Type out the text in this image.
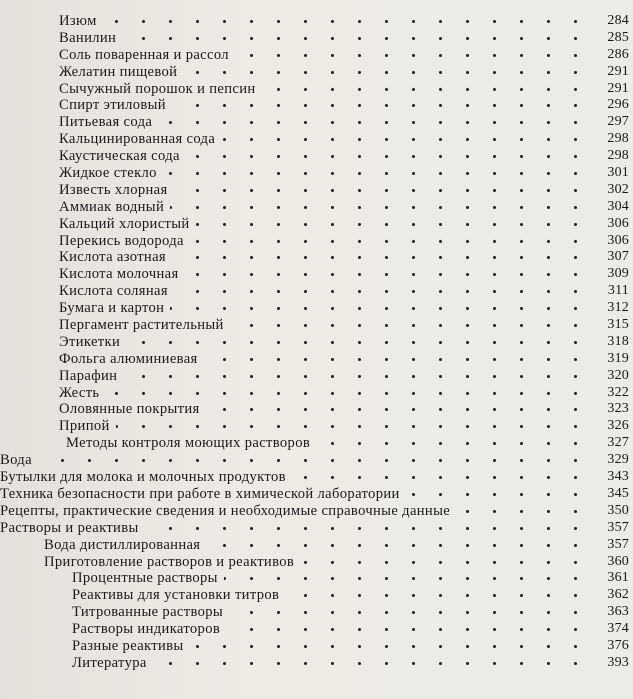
Изюм	284
Ванилин	285
Соль поваренная и рассол	286
Желатин пищевой	291
Сычужный порошок и пепсин	291
Спирт этиловый	296
Питьевая сода	297
Кальцинированная сода	298
Каустическая сода	298
Жидкое стекло	301
Известь хлорная	302
Аммиак водный	304
Кальций хлористый	306
Перекись водорода	306
Кислота азотная	307
Кислота молочная	309
Кислота соляная	311
Бумага и картон	312
Пергамент растительный	315
Этикетки	318
Фольга алюминиевая	319
Парафин	320
Жесть	322
Оловянные покрытия	323
Припой	326
Методы контроля моющих растворов	327
Вода	329
Бутылки для молока и молочных продуктов	343
Техника безопасности при работе в химической лаборатории	345
Рецепты, практические сведения и необходимые справочные данные	350
Растворы и реактивы	357
Вода дистиллированная	357
Приготовление растворов и реактивов	360
Процентные растворы	361
Реактивы для установки титров	362
Титрованные растворы	363
Растворы индикаторов	374
Разные реактивы	376
Литература	393
